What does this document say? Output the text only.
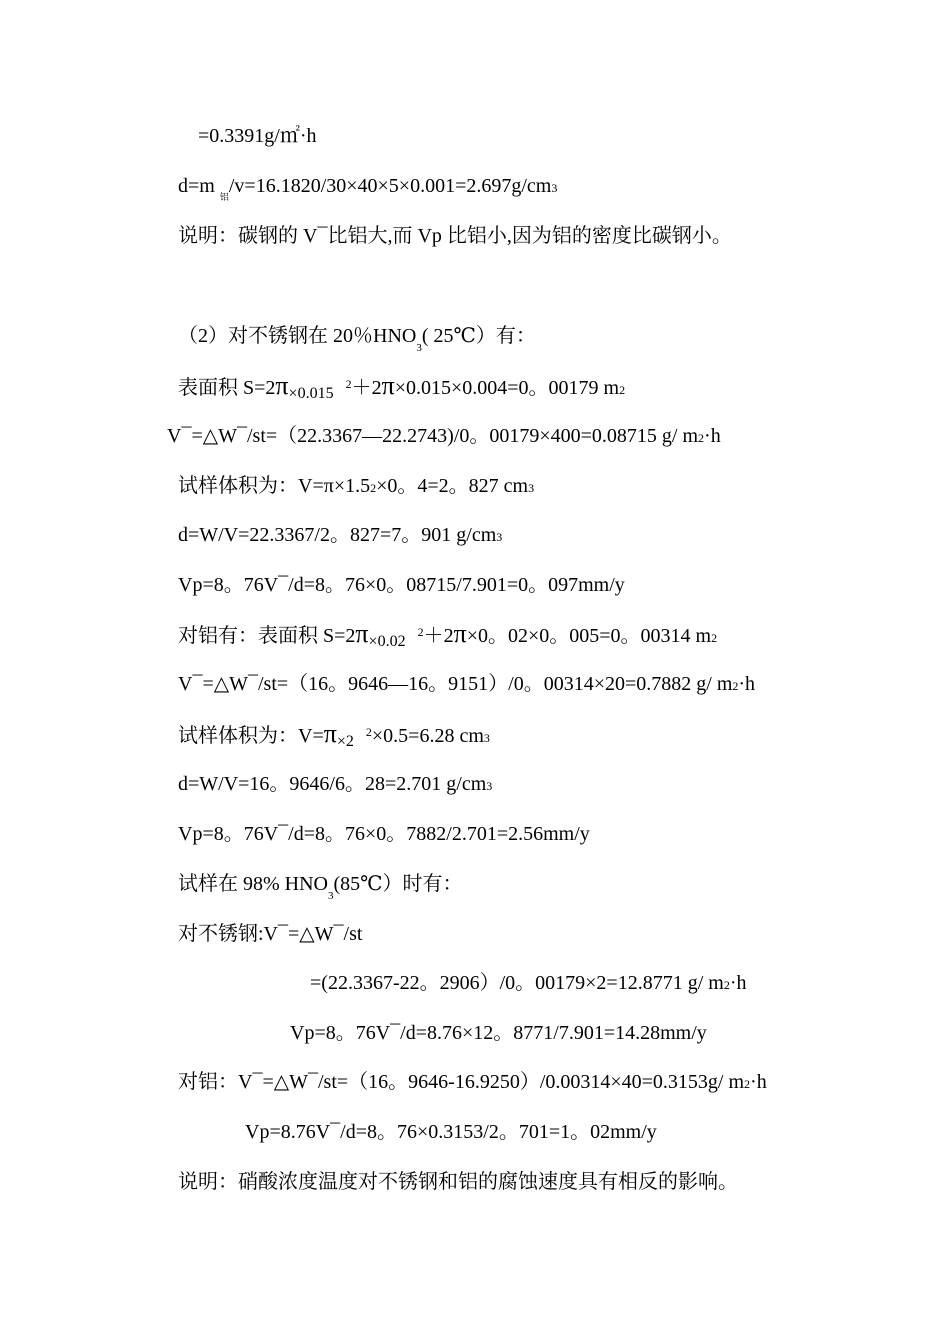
=0.3391g/㎡·h
d=m $_铝$/v=16.1820/30×40×5×0.001=2.697g/cm3
说明：碳钢的 V¯比铝大,而 Vp 比铝小,因为铝的密度比碳钢小。
（2）对不锈钢在 20％$HNO_3$( 25℃）有：
表面积 $S=2\pi_{\times 0.015}^2+2\pi\times 0.015\times 0.004=0$。00179 m2
V¯=△W¯/st=（22.3367—22.2743)/0。00179×400=0.08715 g/ m2·h
试样体积为：V=π×1.52×0。4=2。827 cm3
d=W/V=22.3367/2。827=7。901 g/cm3
Vp=8。76V¯/d=8。76×0。08715/7.901=0。097mm/y
对铝有：表面积 $S=2\pi_{\times 0.02}^2+2\pi\times 0$。02×0。005=0。00314 m2
V¯=△W¯/st=（16。9646—16。9151）/0。00314×20=0.7882 g/ m2·h
试样体积为：$V=\pi_{\times 2}^2\times 0.5=6.28$ cm3
d=W/V=16。9646/6。28=2.701 g/cm3
Vp=8。76V¯/d=8。76×0。7882/2.701=2.56mm/y
试样在 98% $HNO_3(85℃)$时有：
对不锈钢:V¯=△W¯/st
=(22.3367-22。2906）/0。00179×2=12.8771 g/ m2·h
Vp=8。76V¯/d=8.76×12。8771/7.901=14.28mm/y
对铝：V¯=△W¯/st=（16。9646-16.9250）/0.00314×40=0.3153g/ m2·h
Vp=8.76V¯/d=8。76×0.3153/2。701=1。02mm/y
说明：硝酸浓度温度对不锈钢和铝的腐蚀速度具有相反的影响。
